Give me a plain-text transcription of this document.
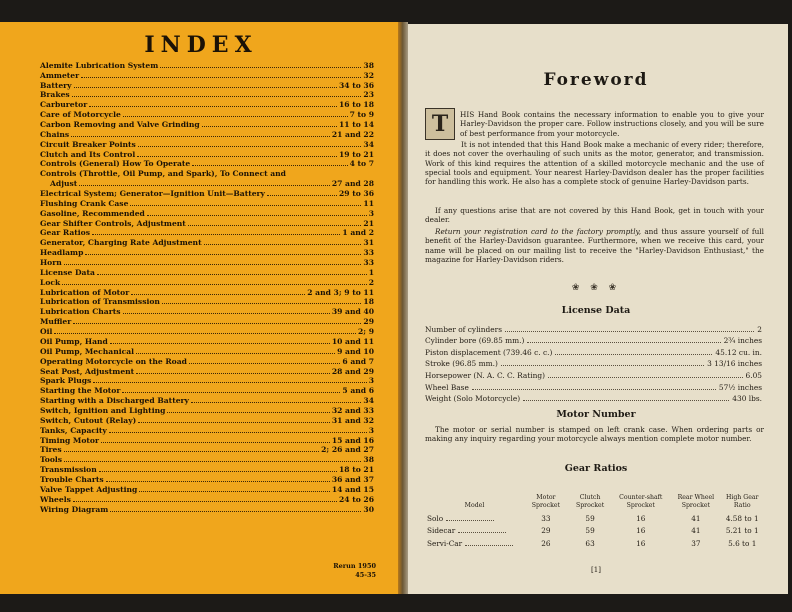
INDEX
Alemite Lubrication System	38
Ammeter	32
Battery	34 to 36
Brakes	23
Carburetor	16 to 18
Care of Motorcycle	7 to 9
Carbon Removing and Valve Grinding	11 to 14
Chains	21 and 22
Circuit Breaker Points	34
Clutch and Its Control	19 to 21
Controls (General) How To Operate	4 to 7
Controls (Throttle, Oil Pump, and Spark), To Connect and
Adjust	27 and 28
Electrical System; Generator—Ignition Unit—Battery	29 to 36
Flushing Crank Case	11
Gasoline, Recommended	3
Gear Shifter Controls, Adjustment	21
Gear Ratios	1 and 2
Generator, Charging Rate Adjustment	31
Headlamp	33
Horn	33
License Data	1
Lock	2
Lubrication of Motor	2 and 3; 9 to 11
Lubrication of Transmission	18
Lubrication Charts	39 and 40
Muffler	29
Oil	2; 9
Oil Pump, Hand	10 and 11
Oil Pump, Mechanical	9 and 10
Operating Motorcycle on the Road	6 and 7
Seat Post, Adjustment	28 and 29
Spark Plugs	3
Starting the Motor	5 and 6
Starting with a Discharged Battery	34
Switch, Ignition and Lighting	32 and 33
Switch, Cutout (Relay)	31 and 32
Tanks, Capacity	3
Timing Motor	15 and 16
Tires	2; 26 and 27
Tools	38
Transmission	18 to 21
Trouble Charts	36 and 37
Valve Tappet Adjusting	14 and 15
Wheels	24 to 26
Wiring Diagram	30
Rerun 1950
45-35
Foreword
T	HIS Hand Book contains the necessary information to enable you to give your Harley-Davidson the proper care. Follow instructions closely, and you will be sure of best performance from your motorcycle.

It is not intended that this Hand Book make a mechanic of every rider; therefore, it does not cover the overhauling of such units as the motor, generator, and transmission. Work of this kind requires the attention of a skilled motorcycle mechanic and the use of special tools and equipment. Your nearest Harley-Davidson dealer has the proper facilities for handling this work. He also has a complete stock of genuine Harley-Davidson parts.

If any questions arise that are not covered by this Hand Book, get in touch with your dealer.

Return your registration card to the factory promptly, and thus assure yourself of full benefit of the Harley-Davidson guarantee. Furthermore, when we receive this card, your name will be placed on our mailing list to receive the "Harley-Davidson Enthusiast," the magazine for Harley-Davidson riders.

❀ ❀ ❀
License Data
Number of cylinders	2
Cylinder bore (69.85 mm.)	2¾ inches
Piston displacement (739.46 c. c.)	45.12 cu. in.
Stroke (96.85 mm.)	3 13/16 inches
Horsepower (N. A. C. C. Rating)	6.05
Wheel Base	57½ inches
Weight (Solo Motorcycle)	430 lbs.
Motor Number

The motor or serial number is stamped on left crank case. When ordering parts or making any inquiry regarding your motorcycle always mention complete motor number.

Gear Ratios
Model	Motor Sprocket	Clutch Sprocket	Counter-shaft Sprocket	Rear Wheel Sprocket	High Gear Ratio
Solo	33	59	16	41	4.58 to 1
Sidecar	29	59	16	41	5.21 to 1
Servi-Car	26	63	16	37	5.6 to 1
[1]
